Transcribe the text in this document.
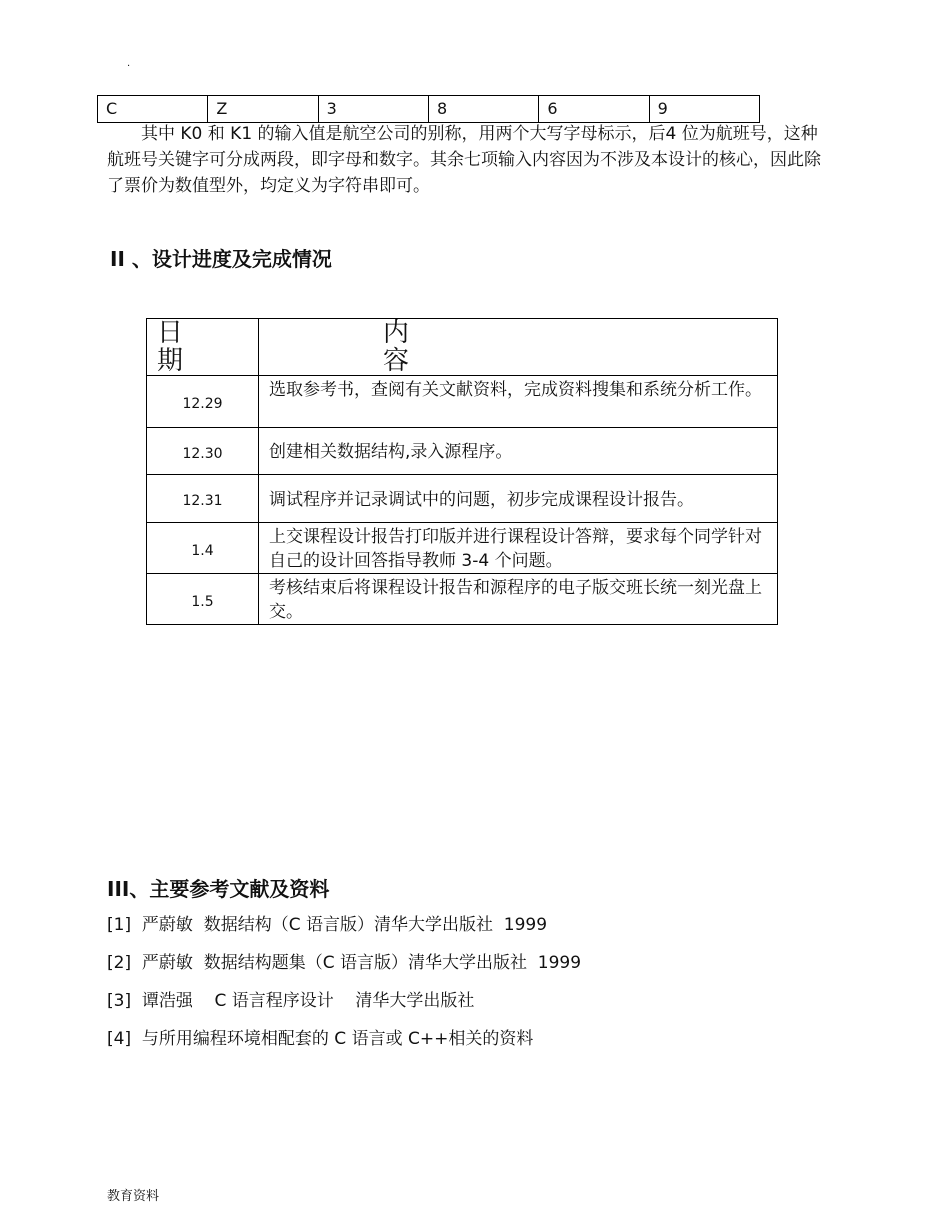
.
C	Z	3	8	6	9

其中 K0 和 K1 的输入值是航空公司的别称，用两个大写字母标示，后4 位为航班号，这种航班号关键字可分成两段，即字母和数字。其余七项输入内容因为不涉及本设计的核心，因此除了票价为数值型外，均定义为字符串即可。

II 、设计进度及完成情况
日期	内容
12.29	选取参考书，查阅有关文献资料，完成资料搜集和系统分析工作。
12.30	创建相关数据结构,录入源程序。
12.31	调试程序并记录调试中的问题，初步完成课程设计报告。
1.4	上交课程设计报告打印版并进行课程设计答辩，要求每个同学针对自己的设计回答指导教师 3-4 个问题。
1.5	考核结束后将课程设计报告和源程序的电子版交班长统一刻光盘上交。
III、主要参考文献及资料
[1]  严蔚敏  数据结构（C 语言版）清华大学出版社  1999
[2]  严蔚敏  数据结构题集（C 语言版）清华大学出版社  1999
[3]  谭浩强    C 语言程序设计    清华大学出版社
[4]  与所用编程环境相配套的 C 语言或 C++相关的资料
教育资料
